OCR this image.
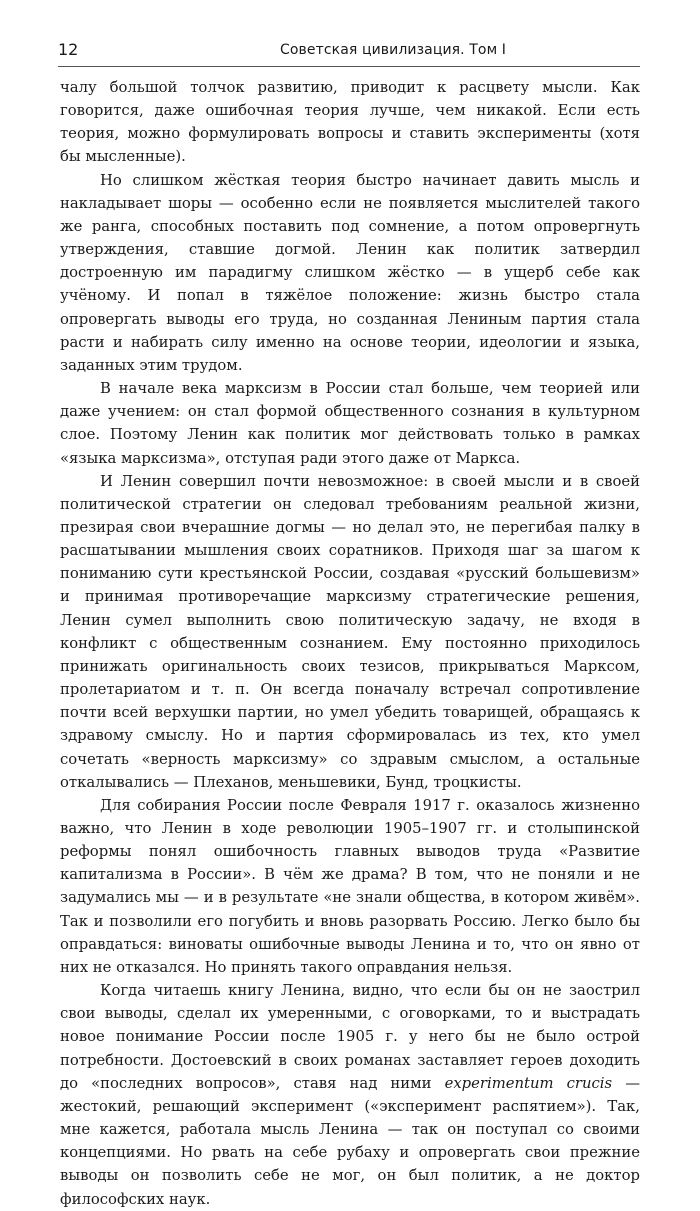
12	Советская цивилизация. Том I

чалу большой толчок развитию, приводит к расцвету мысли. Как говорится, даже ошибочная теория лучше, чем никакой. Если есть теория, можно формулировать вопросы и ставить эксперименты (хотя бы мысленные).

Но слишком жёсткая теория быстро начинает давить мысль и накладывает шоры — особенно если не появляется мыслителей такого же ранга, способных поставить под сомнение, а потом опровергнуть утверждения, ставшие догмой. Ленин как политик затвердил достроенную им парадигму слишком жёстко — в ущерб себе как учёному. И попал в тяжёлое положение: жизнь быстро стала опровергать выводы его труда, но созданная Лениным партия стала расти и набирать силу именно на основе теории, идеологии и языка, заданных этим трудом.

В начале века марксизм в России стал больше, чем теорией или даже учением: он стал формой общественного сознания в культурном слое. Поэтому Ленин как политик мог действовать только в рамках «языка марксизма», отступая ради этого даже от Маркса.

И Ленин совершил почти невозможное: в своей мысли и в своей политической стратегии он следовал требованиям реальной жизни, презирая свои вчерашние догмы — но делал это, не перегибая палку в расшатывании мышления своих соратников. Приходя шаг за шагом к пониманию сути крестьянской России, создавая «русский большевизм» и принимая противоречащие марксизму стратегические решения, Ленин сумел выполнить свою политическую задачу, не входя в конфликт с общественным сознанием. Ему постоянно приходилось принижать оригинальность своих тезисов, прикрываться Марксом, пролетариатом и т. п. Он всегда поначалу встречал сопротивление почти всей верхушки партии, но умел убедить товарищей, обращаясь к здравому смыслу. Но и партия сформировалась из тех, кто умел сочетать «верность марксизму» со здравым смыслом, а остальные откалывались — Плеханов, меньшевики, Бунд, троцкисты.

Для собирания России после Февраля 1917 г. оказалось жизненно важно, что Ленин в ходе революции 1905–1907 гг. и столыпинской реформы понял ошибочность главных выводов труда «Развитие капитализма в России». В чём же драма? В том, что не поняли и не задумались мы — и в результате «не знали общества, в котором живём». Так и позволили его погубить и вновь разорвать Россию. Легко было бы оправдаться: виноваты ошибочные выводы Ленина и то, что он явно от них не отказался. Но принять такого оправдания нельзя.

Когда читаешь книгу Ленина, видно, что если бы он не заострил свои выводы, сделал их умеренными, с оговорками, то и выстрадать новое понимание России после 1905 г. у него бы не было острой потребности. Достоевский в своих романах заставляет героев доходить до «последних вопросов», ставя над ними experimentum crucis — жестокий, решающий эксперимент («эксперимент распятием»). Так, мне кажется, работала мысль Ленина — так он поступал со своими концепциями. Но рвать на себе рубаху и опровергать свои прежние выводы он позволить себе не мог, он был политик, а не доктор философских наук.
